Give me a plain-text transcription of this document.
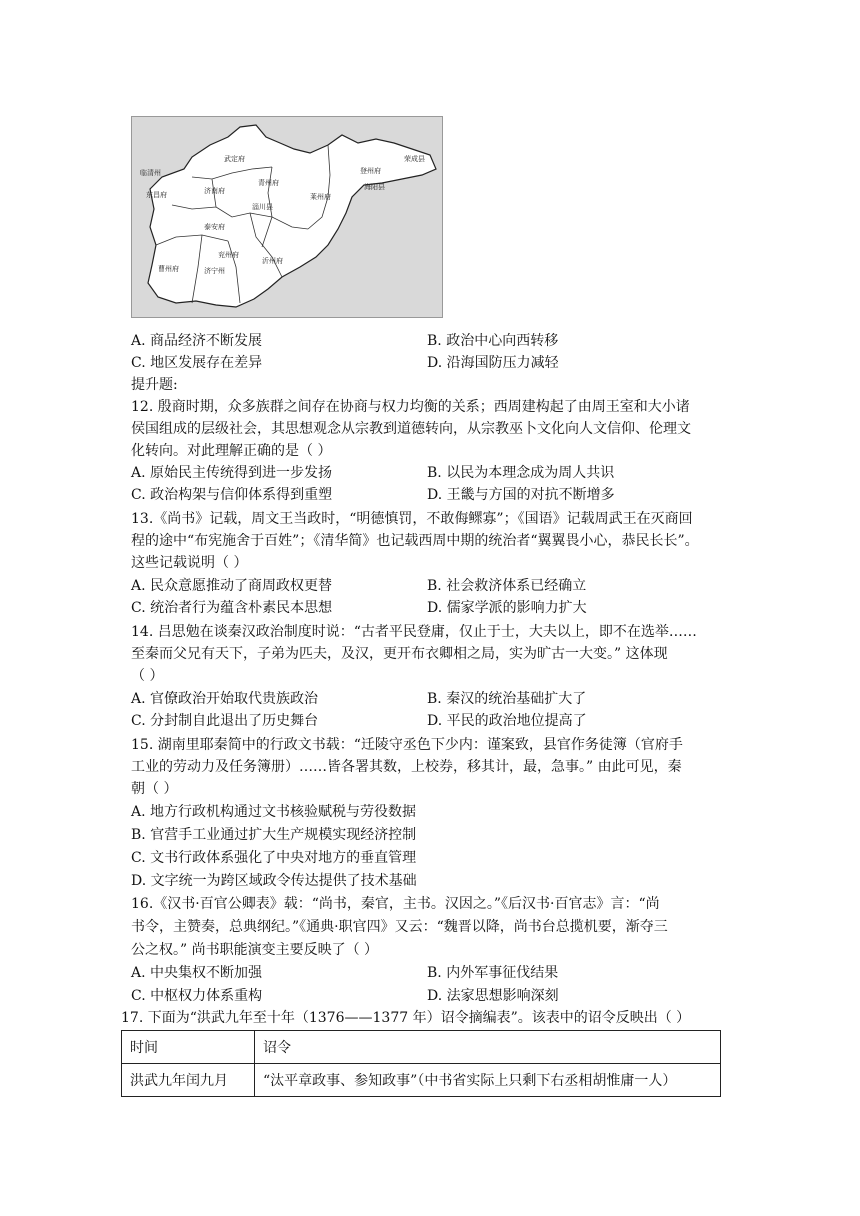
武定府
济南府
青州府
莱州府
登州府
东昌府
泰安府
兖州府
沂州府
曹州府	济宁州
临清州
海阳县
淄川县
荣成县
A. 商品经济不断发展	B. 政治中心向西转移
C. 地区发展存在差异	D. 沿海国防压力减轻
提升题:
12. 殷商时期，众多族群之间存在协商与权力均衡的关系；西周建构起了由周王室和大小诸
侯国组成的层级社会，其思想观念从宗教到道德转向，从宗教巫卜文化向人文信仰、伦理文
化转向。对此理解正确的是（ ）
A. 原始民主传统得到进一步发扬	B. 以民为本理念成为周人共识
C. 政治构架与信仰体系得到重塑	D. 王畿与方国的对抗不断增多
13.《尚书》记载，周文王当政时，“明德慎罚，不敢侮鳏寡”；《国语》记载周武王在灭商回
程的途中“布宪施舍于百姓”；《清华简》也记载西周中期的统治者“翼翼畏小心，恭民长长”。
这些记载说明（ ）
A. 民众意愿推动了商周政权更替	B. 社会救济体系已经确立
C. 统治者行为蕴含朴素民本思想	D. 儒家学派的影响力扩大
14. 吕思勉在谈秦汉政治制度时说：“古者平民登庸，仅止于士，大夫以上，即不在选举……
至秦而父兄有天下，子弟为匹夫，及汉，更开布衣卿相之局，实为旷古一大变。” 这体现
（ ）
A. 官僚政治开始取代贵族政治	B. 秦汉的统治基础扩大了
C. 分封制自此退出了历史舞台	D. 平民的政治地位提高了
15. 湖南里耶秦简中的行政文书载：“迁陵守丞色下少内：谨案致，县官作务徒簿（官府手
工业的劳动力及任务簿册）……皆各署其数，上校券，移其计，最，急事。” 由此可见，秦
朝（ ）
A. 地方行政机构通过文书核验赋税与劳役数据
B. 官营手工业通过扩大生产规模实现经济控制
C. 文书行政体系强化了中央对地方的垂直管理
D. 文字统一为跨区域政令传达提供了技术基础
16.《汉书·百官公卿表》载：“尚书，秦官，主书。汉因之。”《后汉书·百官志》言：“尚
书令，主赞奏，总典纲纪。”《通典·职官四》又云：“魏晋以降，尚书台总揽机要，渐夺三
公之权。” 尚书职能演变主要反映了（ ）
A. 中央集权不断加强	B. 内外军事征伐结果
C. 中枢权力体系重构	D. 法家思想影响深刻
17. 下面为“洪武九年至十年（1376——1377 年）诏令摘编表”。该表中的诏令反映出（ ）
时间	诏令
洪武九年闰九月	“汰平章政事、参知政事”（中书省实际上只剩下右丞相胡惟庸一人）
